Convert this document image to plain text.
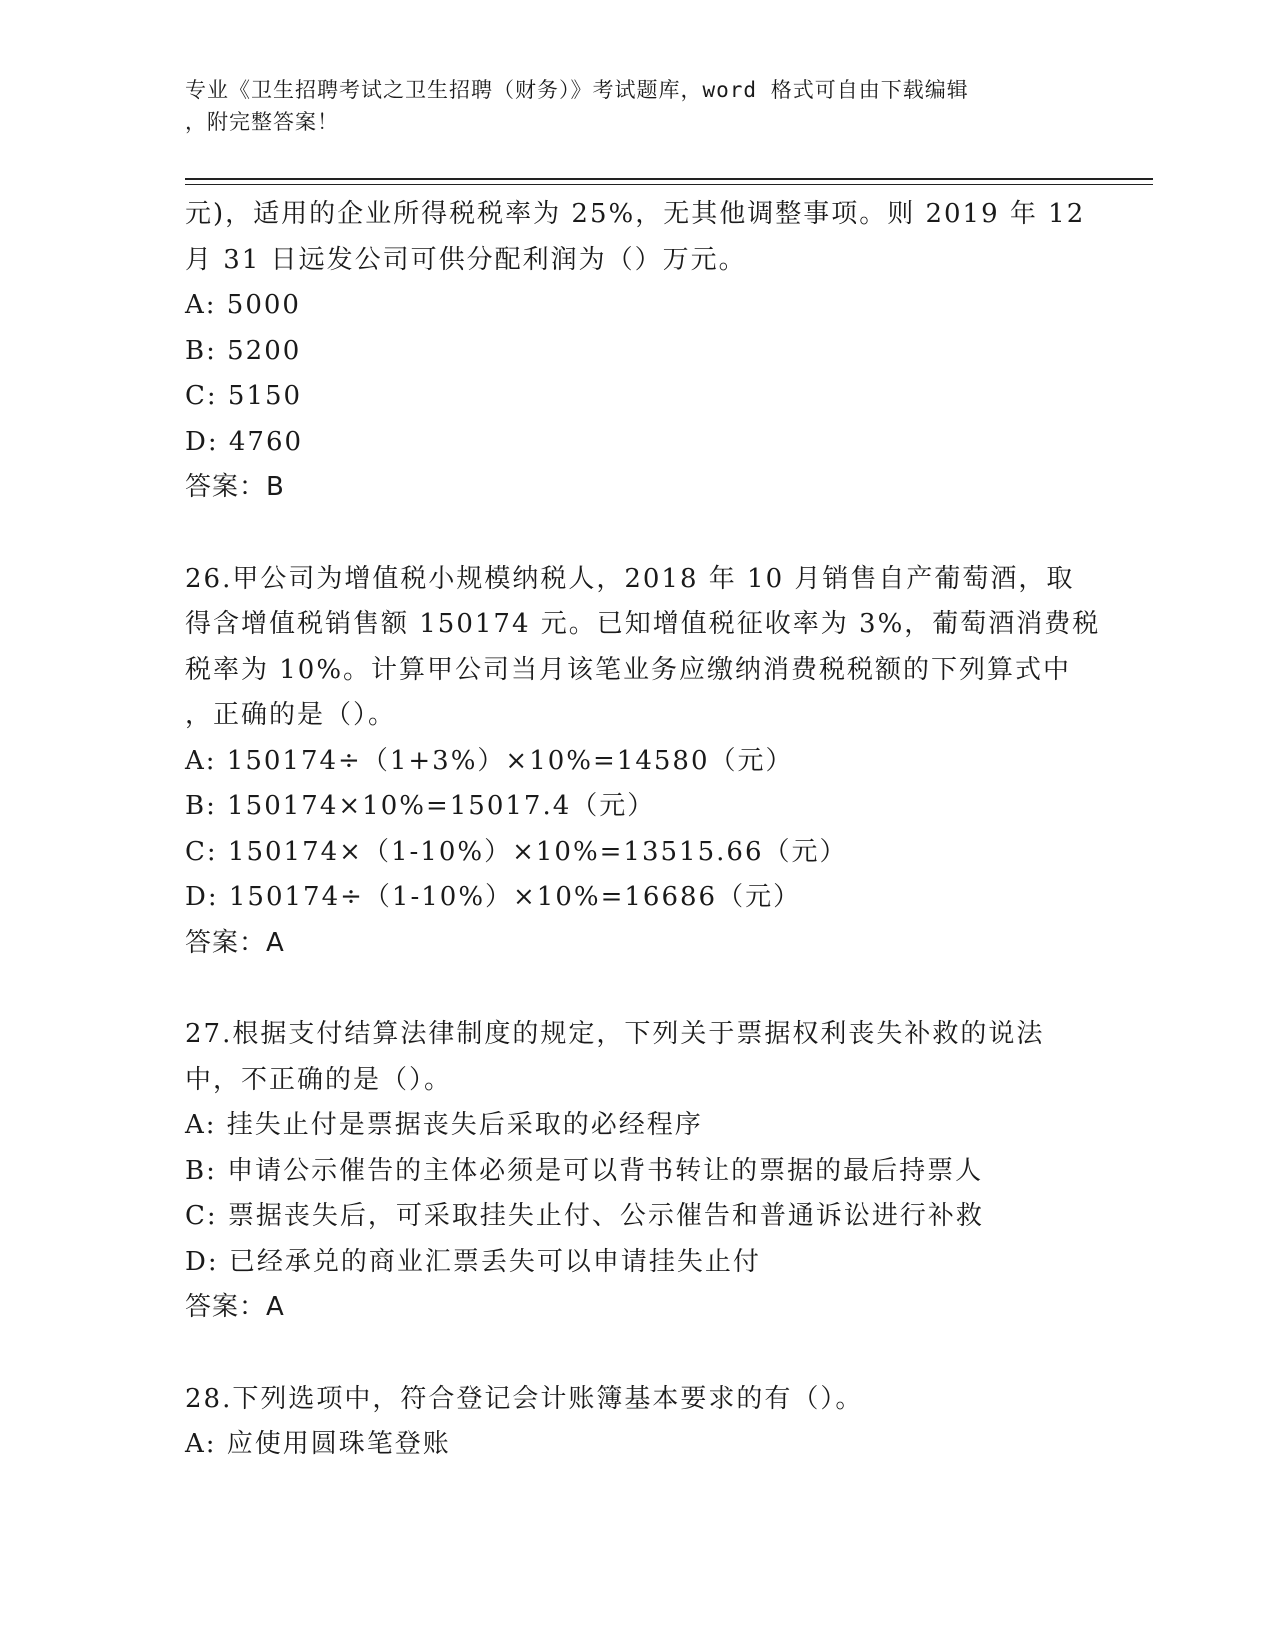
专业《卫生招聘考试之卫生招聘（财务）》考试题库，word 格式可自由下载编辑
，附完整答案！
元)，适用的企业所得税税率为 25%，无其他调整事项。则 2019 年 12
月 31 日远发公司可供分配利润为（）万元。
A: 5000
B: 5200
C: 5150
D: 4760
答案：B
26.甲公司为增值税小规模纳税人，2018 年 10 月销售自产葡萄酒，取
得含增值税销售额 150174 元。已知增值税征收率为 3%，葡萄酒消费税
税率为 10%。计算甲公司当月该笔业务应缴纳消费税税额的下列算式中
，正确的是（）。
A: 150174÷（1+3%）×10%=14580（元）
B: 150174×10%=15017.4（元）
C: 150174×（1-10%）×10%=13515.66（元）
D: 150174÷（1-10%）×10%=16686（元）
答案：A
27.根据支付结算法律制度的规定，下列关于票据权利丧失补救的说法
中，不正确的是（）。
A: 挂失止付是票据丧失后采取的必经程序
B: 申请公示催告的主体必须是可以背书转让的票据的最后持票人
C: 票据丧失后，可采取挂失止付、公示催告和普通诉讼进行补救
D: 已经承兑的商业汇票丢失可以申请挂失止付
答案：A
28.下列选项中，符合登记会计账簿基本要求的有（）。
A: 应使用圆珠笔登账
